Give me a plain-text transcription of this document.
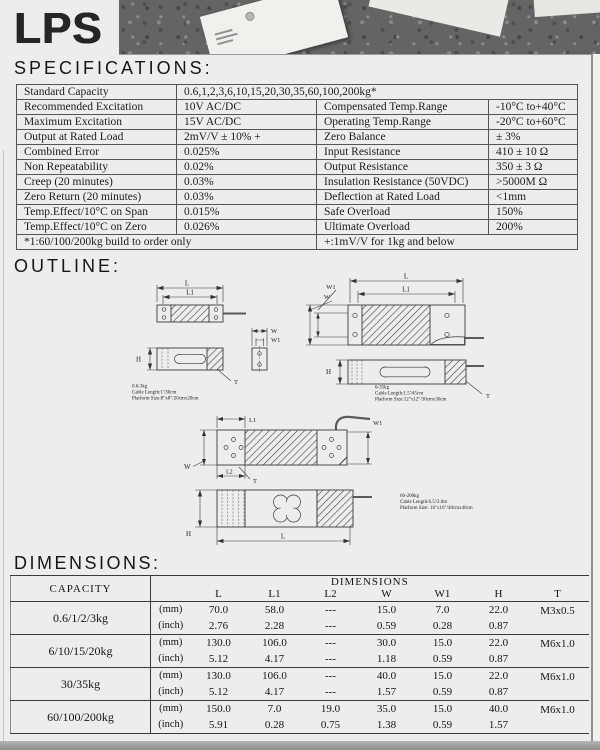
LPS
SPECIFICATIONS:
Standard Capacity	0.6,1,2,3,6,10,15,20,30,35,60,100,200kg*		
Recommended Excitation	10V AC/DC	Compensated Temp.Range	-10°C to+40°C
Maximum Excitation	15V AC/DC	Operating Temp.Range	-20°C to+60°C
Output at Rated Load	2mV/V ± 10% +	Zero Balance	± 3%
Combined Error	0.025%	Input Resistance	410 ± 10 Ω
Non Repeatability	0.02%	Output Resistance	350 ± 3 Ω
Creep (20 minutes)	0.03%	Insulation Resistance (50VDC)	>5000M Ω
Zero Return (20 minutes)	0.03%	Deflection at Rated Load	<1mm
Temp.Effect/10°C on Span	0.015%	Safe Overload	150%
Temp.Effect/10°C on Zero	0.026%	Ultimate Overload	200%
*1:60/100/200kg build to order only		+:1mV/V for 1kg and below	
OUTLINE:
L
L1
W
W1
H
T
0.6-3kg
Cable Length:1'/30cm
Platform Size:8"x8"/20cmx20cm
L
L1
W1
W
H
T
6-35kg
Cable Length:1.5'/45cm
Platform Size:12"x12"/30cmx30cm
L1	W1
W
L2
T
H	L
60-200kg
Cable Length:6.5'/2.0m
Platform Size: 16"x16"/40cmx40cm
DIMENSIONS:
CAPACITY	DIMENSIONS							
		L	L1	L2	W	W1	H	T
0.6/1/2/3kg	(mm)	70.0	58.0	---	15.0	7.0	22.0	M3x0.5
	(inch)	2.76	2.28	---	0.59	0.28	0.87	
6/10/15/20kg	(mm)	130.0	106.0	---	30.0	15.0	22.0	M6x1.0
	(inch)	5.12	4.17	---	1.18	0.59	0.87	
30/35kg	(mm)	130.0	106.0	---	40.0	15.0	22.0	M6x1.0
	(inch)	5.12	4.17	---	1.57	0.59	0.87	
60/100/200kg	(mm)	150.0	7.0	19.0	35.0	15.0	40.0	M6x1.0
	(inch)	5.91	0.28	0.75	1.38	0.59	1.57	
